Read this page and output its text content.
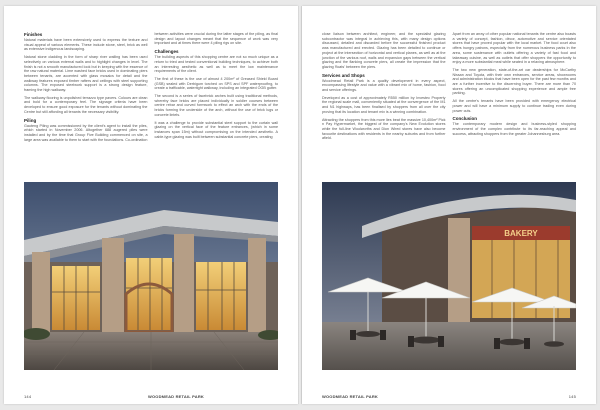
Finishes

Natural materials have been extensively used to express the texture and visual appeal of various elements. These include stone, steel, brick as well as extensive indigenous landscaping.

Natural stone cladding in the form of sharp river walling has been used selectively on various external walls and to highlight changes in level. The finish is not a smooth manufactured look but in keeping with the essence of the raw natural material. Lime washed face bricks used in dominating piers between tenants, are accented with glass mosaics for detail and the walkway features exposed timber rafters and ceilings with steel supporting columns. The exposed steelwork support is a strong design feature, framing the high walkway.

The walkway flooring is unpolished terrazzo type pavers. Colours are clean and bold for a contemporary feel. The signage criteria have been developed to ensure good exposure for the tenants without dominating the Centre but still affording all tenants the necessary visibility.

Piling

Gauteng Piling was commissioned by the client's agent to install the piles, which started in November 2006. Altogether 688 augered piles were installed and by the time that Group Five Building commenced on site, a large area was available to them to start with the foundations. Co-ordination

between activities were crucial during the latter stages of the piling, as final design and layout changes meant that the sequence of work was very important and at times there were 4 piling rigs on site.

Challenges

The building aspects of this shopping centre are not so much unique as a return to tried and tested conventional building techniques, to achieve both an interesting aesthetic as well as to meet the low maintenance requirements of the client.

The first of these is the use of almost 4 200m² of Greased Shield Board (GSB) sealed with Derbigum torched on SPS and SPF waterproofing, to create a trafficable, watertight walkway, including an integrated OGB gutter.

The second is a series of facebrick arches built using traditional methods, whereby face bricks are placed individually in soldier courses between centre rebar and curved formwork to effect an arch with the ends of the bricks forming the underside of the arch, without the use of brick lugs or concrete lintels.

It was a challenge to provide substantial steel support to the curtain wall glazing on the vertical face of the feature entrances, (which in some instances span 15m) without compromising on the intended aesthetic. A cable-type glazing was built between substantial concrete piers, creating

144	WOODMEAD RETAIL PARK

close liaison between architect, engineer, and the specialist glazing subcontractor was integral in achieving this, with many design options discussed, detailed and discarded before the successful finished product was manufactured and erected. Glazing has been detailed to continue or project at the intersection of horizontal and vertical planes, as well as at the junction of the various roof, walls and expansion gaps between the vertical glazing and the flanking concrete piers, all create the impression that the glazing 'floats' between the piers.

Services and Shops

Woodmead Retail Park is a quality development in every aspect, encompassing lifestyle and value with a vibrant mix of home, fashion, food and service offerings.

Developed as a cost of approximately R550 million by Investec Property the regional scale mall, conveniently situated at the convergence of the M1 and N1 highways, has been finalised by shoppers from all over the city proving that its location and tenant mix is a winning combination.

Attracting the shoppers from this more lies beat the massive 10,400m² Pick n Pay Hypermarket, the biggest of the company's New Evolution stores while the full-line Woolworths and Dion Wired stores have also become favourite destinations with residents in the nearby suburbs and from further afield.

Apart from an array of other popular national tenants the centre also boasts a variety of concept, fashion, décor, automotive and service orientated stores that have proved popular with the local market. The food court also offers hungry patrons, especially from the numerous business parks in the area, some sustenance with outlets offering a variety of fast food and takeaway cuisine, as well as outlets that offer shoppers the opportunity to enjoy a more substantial meal while seated in a relaxing atmosphere.

The two new generation, state-of-the-art car dealerships for McCarthy Nissan and Toyota, with their own entrances, service areas, showrooms and administration blocks that have been open for the past few months and are a further incentive to the discerning buyer. There are more than 70 stores offering an uncomplicated shopping experience and ample free parking.

All the centre's tenants have been provided with emergency electrical power and will have a minimum supply to continue trading even during power cuts.

Conclusion

The contemporary modern design and business-styled shopping environment of the complex contribute to its far-reaching appeal and success, attracting shoppers from the greater Johannesburg area.

BAKERY
WOODMEAD RETAIL PARK	145
